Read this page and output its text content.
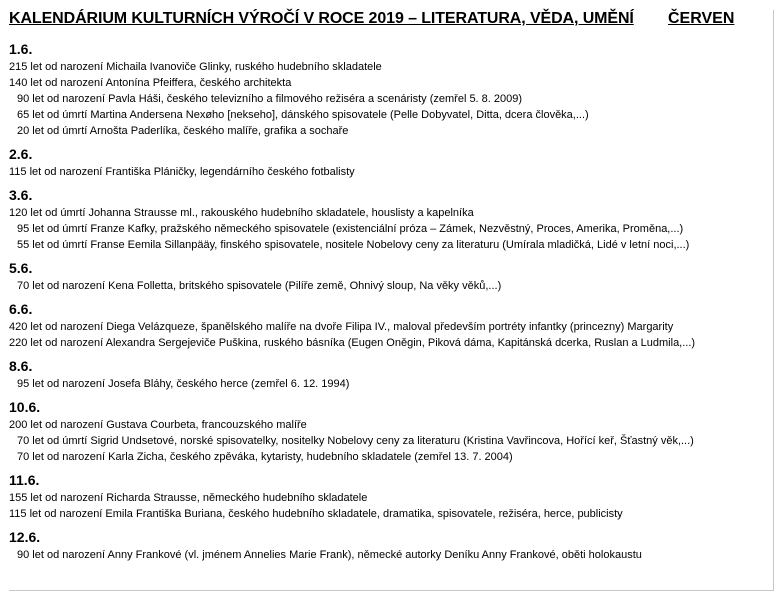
KALENDÁRIUM KULTURNÍCH VÝROČÍ V ROCE 2019 – LITERATURA, VĚDA, UMĚNÍ ČERVEN
1.6.
215 let od narození Michaila Ivanoviče Glinky, ruského hudebního skladatele
140 let od narození Antonína Pfeiffera, českého architekta
90 let od narození Pavla Háši, českého televizního a filmového režiséra a scenáristy (zemřel 5. 8. 2009)
65 let od úmrtí Martina Andersena Nexøho [nekseho], dánského spisovatele (Pelle Dobyvatel, Ditta, dcera člověka,...)
20 let od úmrtí Arnošta Paderlíka, českého malíře, grafika a sochaře
2.6.
115 let od narození Františka Pláničky, legendárního českého fotbalisty
3.6.
120 let od úmrtí Johanna Strausse ml., rakouského hudebního skladatele, houslisty a kapelníka
95 let od úmrtí Franze Kafky, pražského německého spisovatele (existenciální próza – Zámek, Nezvěstný, Proces, Amerika, Proměna,...)
55 let od úmrtí Franse Eemila Sillanpääy, finského spisovatele, nositele Nobelovy ceny za literaturu (Umírala mladičká, Lidé v letní noci,...)
5.6.
70 let od narození Kena Folletta, britského spisovatele (Pilíře země, Ohnivý sloup, Na věky věků,...)
6.6.
420 let od narození Diega Velázqueze, španělského malíře na dvoře Filipa IV., maloval především portréty infantky (princezny) Margarity
220 let od narození Alexandra Sergejeviče Puškina, ruského básníka (Eugen Oněgin, Piková dáma, Kapitánská dcerka, Ruslan a Ludmila,...)
8.6.
95 let od narození Josefa Bláhy, českého herce (zemřel 6. 12. 1994)
10.6.
200 let od narození Gustava Courbeta, francouzského malíře
70 let od úmrtí Sigrid Undsetové, norské spisovatelky, nositelky Nobelovy ceny za literaturu (Kristina Vavřincova, Hořící keř, Šťastný věk,...)
70 let od narození Karla Zicha, českého zpěváka, kytaristy, hudebního skladatele (zemřel 13. 7. 2004)
11.6.
155 let od narození Richarda Strausse, německého hudebního skladatele
115 let od narození Emila Františka Buriana, českého hudebního skladatele, dramatika, spisovatele, režiséra, herce, publicisty
12.6.
90 let od narození Anny Frankové (vl. jménem Annelies Marie Frank), německé autorky Deníku Anny Frankové, oběti holokaustu
